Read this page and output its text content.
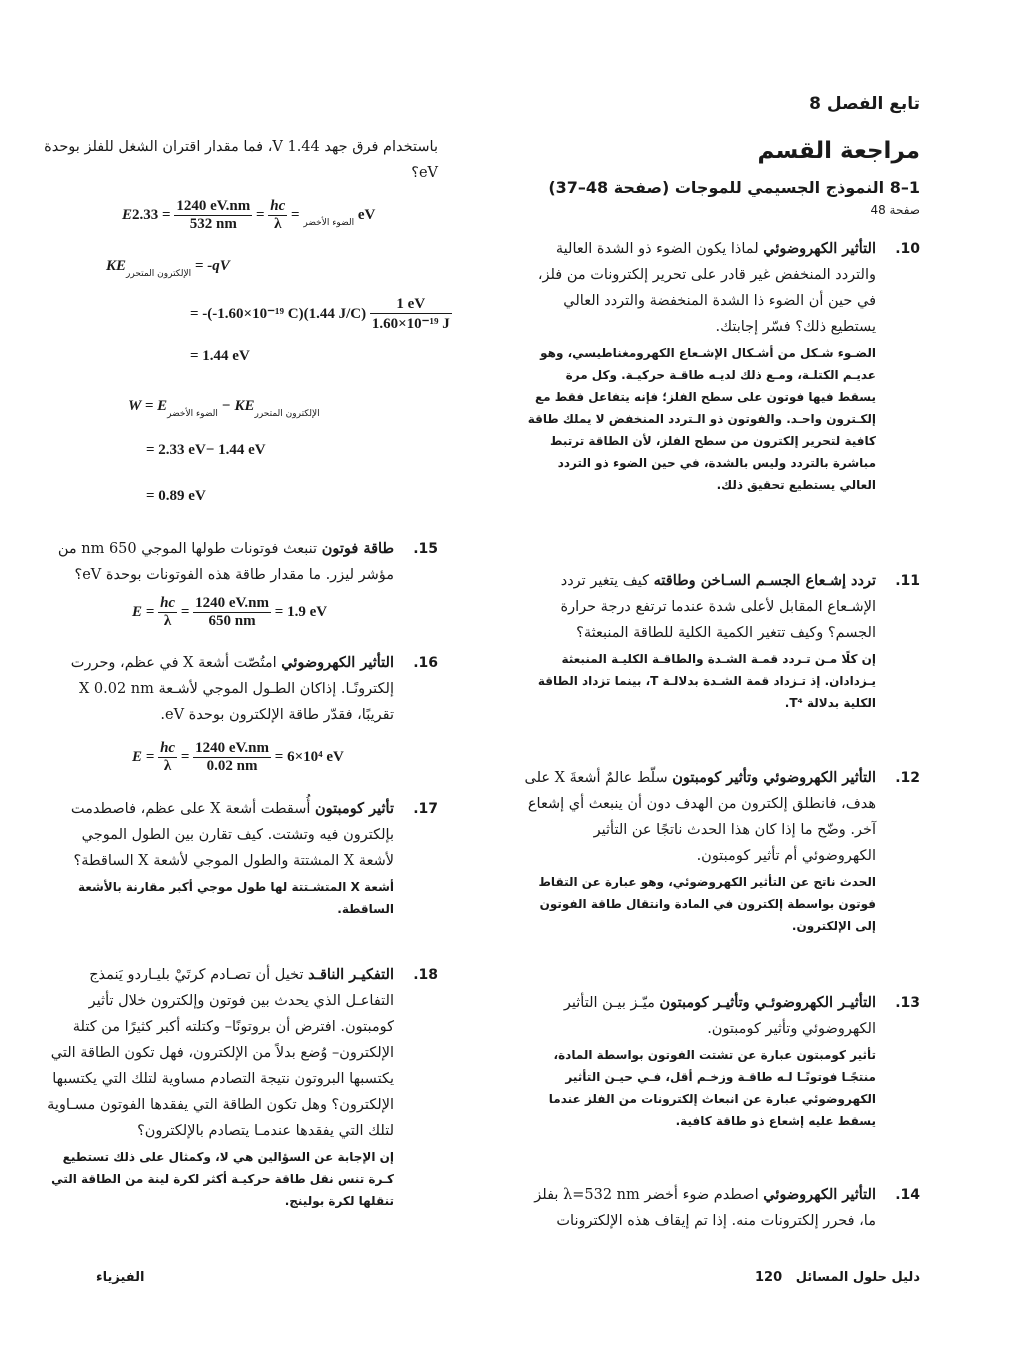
تابع الفصل 8
مراجعة القسم
1–8 النموذج الجسيمي للموجات (صفحة 48–37)
صفحة 48
10.
التأثير الكهروضوئي لماذا يكون الضوء ذو الشدة العالية والتردد المنخفض غير قادر على تحرير إلكترونات من فلز، في حين أن الضوء ذا الشدة المنخفضة والتردد العالي يستطيع ذلك؟ فسّر إجابتك.
الضـوء شـكل من أشـكال الإشـعاع الكهرومغناطيسي، وهو عديـم الكتلـة، ومـع ذلك لديـه طاقـة حركيـة. وكل مرة يسقط فيها فوتون على سطح الفلز؛ فإنه يتفاعل فقط مع إلكـترون واحـد. والفوتون ذو الـتردد المنخفض لا يملك طاقة كافية لتحرير إلكترون من سطح الفلز، لأن الطاقة ترتبط مباشرة بالتردد وليس بالشدة، في حين الضوء ذو التردد العالي يستطيع تحقيق ذلك.
11.
تردد إشـعاع الجسـم السـاخن وطاقته كيف يتغير تردد الإشـعاع المقابل لأعلى شدة عندما ترتفع درجة حرارة الجسم؟ وكيف تتغير الكمية الكلية للطاقة المنبعثة؟
إن كلًا مـن تـردد قمـة الشـدة والطاقـة الكليـة المنبعثة يـزدادان. إذ تـزداد قمة الشـدة بدلالـة T، بينما تزداد الطاقة الكلية بدلالة T⁴.
12.
التأثير الكهروضوئي وتأثير كومبتون سلّط عالمٌ أشعةَ X على هدف، فانطلق إلكترون من الهدف دون أن ينبعث أي إشعاع آخر. وضّح ما إذا كان هذا الحدث ناتجًا عن التأثير الكهروضوئي أم تأثير كومبتون.
الحدث ناتج عن التأثير الكهروضوئي، وهو عبارة عن التقاط فوتون بواسطة إلكترون في المادة وانتقال طاقة الفوتون إلى الإلكترون.
13.
التأثيـر الكهروضوئـي وتأثيـر كومبتون ميّـز بيـن التأثير الكهروضوئي وتأثير كومبتون.
تأثير كومبتون عبارة عن تشتت الفوتون بواسطة المادة، منتجًـا فوتونًـا لـه طاقـة وزخـم أقل، فـي حيـن التأثير الكهروضوئي عبارة عن انبعاث إلكترونات من الفلز عندما يسقط عليه إشعاع ذو طاقة كافية.
14.
التأثير الكهروضوئي اصطدم ضوء أخضر λ=532 nm بفلز ما، فحرر إلكترونات منه. إذا تم إيقاف هذه الإلكترونات
باستخدام فرق جهد 1.44 V، فما مقدار اقتران الشغل للفلز بوحدة eV؟
E	$_{الضوء الأخضر}$ =
$\frac{hc}{\lambda}$
=
$\frac{1240 eV.nm}{532 nm}$
= 2.33 eV
$KE_{الإلكترون المتحرر} = -qV$
= -(-1.60×10⁻¹⁹ C)(1.44 $J/C) \frac{1 eV}{\text{1.60×10⁻¹⁹ J}}$
= 1.44 eV
$W = E_{الضوء الأخضر} - KE_{الإلكترون المتحرر}$
= 2.33 eV− 1.44 eV
= 0.89 eV
15.
طاقة فوتون تنبعث فوتونات طولها الموجي 650 nm من مؤشر ليزر. ما مقدار طاقة هذه الفوتونات بوحدة eV؟
$E = \frac{hc}{\lambda} = \frac{1240 eV.nm}{650 nm} = 1.9$ eV
16.
التأثير الكهروضوئي امتُصّت أشعة X في عظم، وحررت إلكترونًـا. إذاكان الطـول الموجي لأشـعة X 0.02 nm تقريبًا، فقدّر طاقة الإلكترون بوحدة eV.
$E = \frac{hc}{\lambda} = \frac{1240 eV.nm}{0.02 nm} = 6\times 10^4$ eV
17.
تأثير كومبتون أُسقطت أشعة X على عظم، فاصطدمت بإلكترون فيه وتشتت. كيف تقارن بين الطول الموجي لأشعة X المشتتة والطول الموجي لأشعة X الساقطة؟
أشعة X المتشـتتة لها طول موجي أكبر مقارنة بالأشعة الساقطة.
18.
التفكيـر الناقـد تخيل أن تصـادم كرتَيْ بليـاردو يَنمذج التفاعـل الذي يحدث بين فوتون وإلكترون خلال تأثير كومبتون. افترض أن بروتونًا– وكتلته أكبر كثيرًا من كتلة الإلكترون– وُضع بدلاً من الإلكترون، فهل تكون الطاقة التي يكتسبها البروتون نتيجة التصادم مساوية لتلك التي يكتسبها الإلكترون؟ وهل تكون الطاقة التي يفقدها الفوتون مسـاوية لتلك التي يفقدها عندمـا يتصادم بالإلكترون؟
إن الإجابة عن السؤالين هي لا، وكمثال على ذلك تستطيع كـرة تنس نقل طاقة حركيـة أكثر لكرة لينة من الطاقة التي تنقلها لكرة بولينج.
120 دليل حلول المسائل
الفيزياء
